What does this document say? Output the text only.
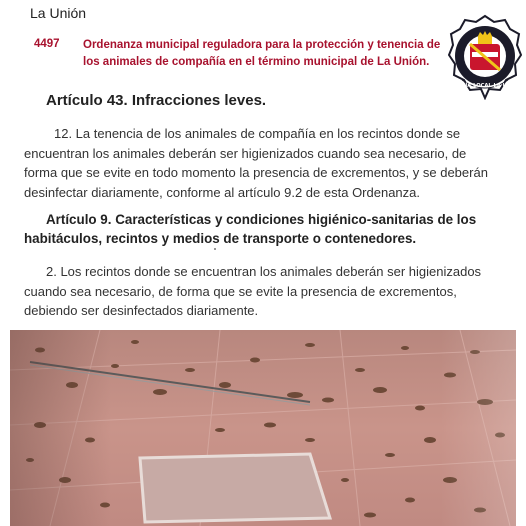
La Unión
4497 Ordenanza municipal reguladora para la protección y tenencia de los animales de compañía en el término municipal de La Unión.
POLICÍA LOCAL LA UNIÓN
Artículo 43. Infracciones leves.
12. La tenencia de los animales de compañía en los recintos donde se encuentran los animales deberán ser higienizados cuando sea necesario, de forma que se evite en todo momento la presencia de excrementos, y se deberán desinfectar diariamente, conforme al artículo 9.2 de esta Ordenanza.
Artículo 9. Características y condiciones higiénico-sanitarias de los habitáculos, recintos y medios de transporte o contenedores.
2. Los recintos donde se encuentran los animales deberán ser higienizados cuando sea necesario, de forma que se evite la presencia de excrementos, debiendo ser desinfectados diariamente.
